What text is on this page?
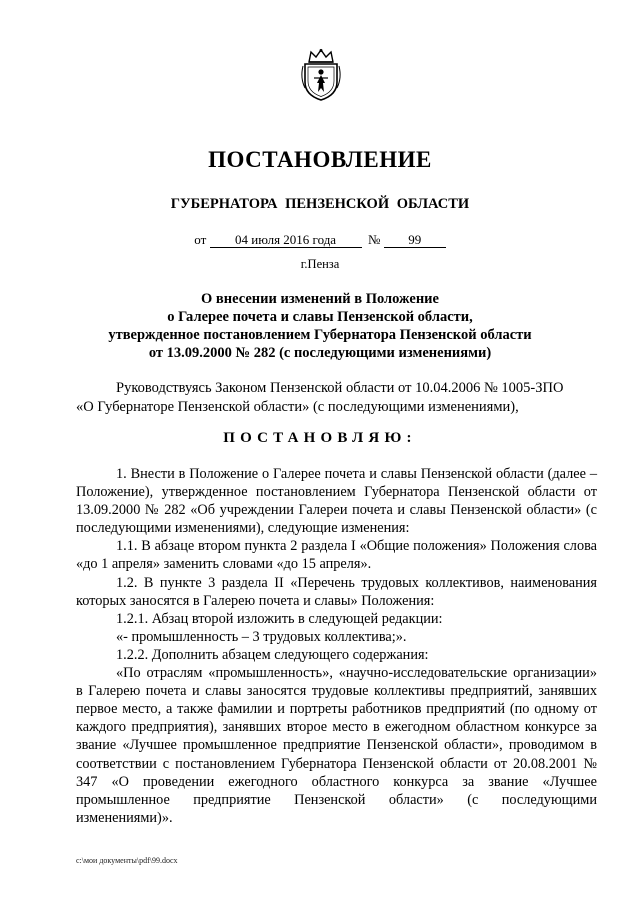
ПОСТАНОВЛЕНИЕ
ГУБЕРНАТОРА ПЕНЗЕНСКОЙ ОБЛАСТИ
от 04 июля 2016 года № 99
г.Пенза
О внесении изменений в Положение
о Галерее почета и славы Пензенской области,
утвержденное постановлением Губернатора Пензенской области
от 13.09.2000 № 282 (с последующими изменениями)
Руководствуясь Законом Пензенской области от 10.04.2006 № 1005-ЗПО
«О Губернаторе Пензенской области» (с последующими изменениями),
ПОСТАНОВЛЯЮ:

1. Внести в Положение о Галерее почета и славы Пензенской области (далее – Положение), утвержденное постановлением Губернатора Пензенской области от 13.09.2000 № 282 «Об учреждении Галереи почета и славы Пензенской области» (с последующими изменениями), следующие изменения:

1.1. В абзаце втором пункта 2 раздела I «Общие положения» Положения слова «до 1 апреля» заменить словами «до 15 апреля».

1.2. В пункте 3 раздела II «Перечень трудовых коллективов, наименования которых заносятся в Галерею почета и славы» Положения:

1.2.1. Абзац второй изложить в следующей редакции:

«- промышленность – 3 трудовых коллектива;».

1.2.2. Дополнить абзацем следующего содержания:

«По отраслям «промышленность», «научно-исследовательские организации» в Галерею почета и славы заносятся трудовые коллективы предприятий, занявших первое место, а также фамилии и портреты работников предприятий (по одному от каждого предприятия), занявших второе место в ежегодном областном конкурсе за звание «Лучшее промышленное предприятие Пензенской области», проводимом в соответствии с постановлением Губернатора Пензенской области от 20.08.2001 № 347 «О проведении ежегодного областного конкурса за звание «Лучшее промышленное предприятие Пензенской области» (с последующими изменениями)».

c:\мои документы\pdf\99.docx
